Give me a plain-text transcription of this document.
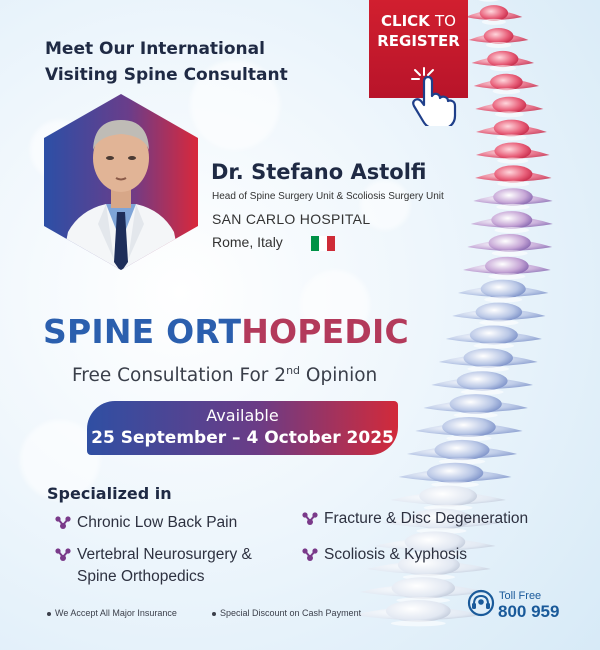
CLICK TO
REGISTER
Meet Our International
Visiting Spine Consultant
Dr. Stefano Astolfi
Head of Spine Surgery Unit & Scoliosis Surgery Unit
SAN CARLO HOSPITAL
Rome, Italy
SPINE ORTHOPEDIC
Free Consultation For 2nd Opinion
Available
25 September – 4 October 2025
Specialized in
Chronic Low Back Pain	Fracture & Disc Degeneration
Vertebral Neurosurgery &
Spine Orthopedics
Scoliosis & Kyphosis
We Accept All Major Insurance	Special Discount on Cash Payment
Toll Free
800 959
